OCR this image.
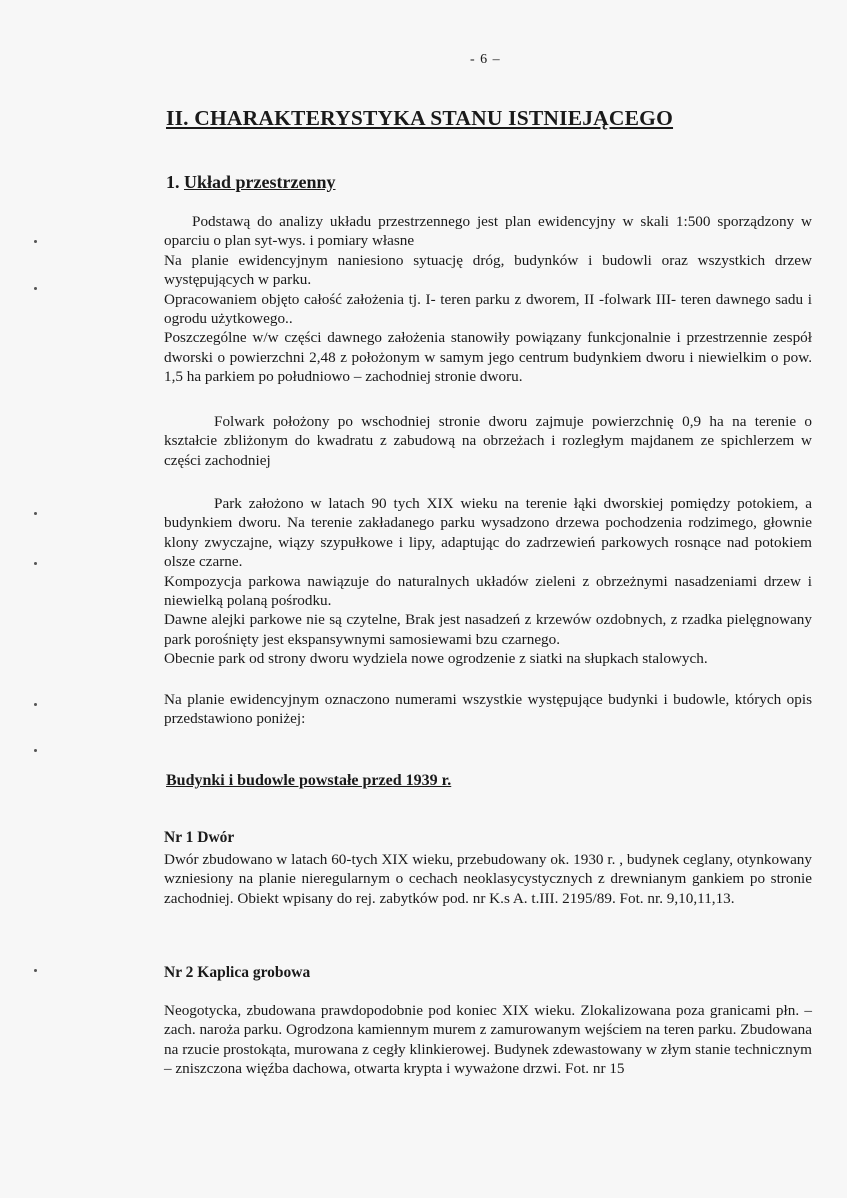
- 6 –
II. CHARAKTERYSTYKA STANU ISTNIEJĄCEGO
1. Układ przestrzenny

Podstawą do analizy układu przestrzennego jest plan ewidencyjny w skali 1:500 sporządzony w oparciu o plan syt-wys. i pomiary własne

Na planie ewidencyjnym naniesiono sytuację dróg, budynków i budowli oraz wszystkich drzew występujących w parku.

Opracowaniem objęto całość założenia tj. I- teren parku z dworem, II -folwark III- teren dawnego sadu i ogrodu użytkowego..

Poszczególne w/w części dawnego założenia stanowiły powiązany funkcjonalnie i przestrzennie zespół dworski o powierzchni 2,48 z położonym w samym jego centrum budynkiem dworu i niewielkim o pow. 1,5 ha parkiem po południowo – zachodniej stronie dworu.

Folwark położony po wschodniej stronie dworu zajmuje powierzchnię 0,9 ha na terenie o kształcie zbliżonym do kwadratu z zabudową na obrzeżach i rozległym majdanem ze spichlerzem w części zachodniej

Park założono w latach 90 tych XIX wieku na terenie łąki dworskiej pomiędzy potokiem, a budynkiem dworu. Na terenie zakładanego parku wysadzono drzewa pochodzenia rodzimego, głownie klony zwyczajne, wiązy szypułkowe i lipy, adaptując do zadrzewień parkowych rosnące nad potokiem olsze czarne.

Kompozycja parkowa nawiązuje do naturalnych układów zieleni z obrzeżnymi nasadzeniami drzew i niewielką polaną pośrodku.

Dawne alejki parkowe nie są czytelne, Brak jest nasadzeń z krzewów ozdobnych, z rzadka pielęgnowany park porośnięty jest ekspansywnymi samosiewami bzu czarnego.

Obecnie park od strony dworu wydziela nowe ogrodzenie z siatki na słupkach stalowych.

Na planie ewidencyjnym oznaczono numerami wszystkie występujące budynki i budowle, których opis przedstawiono poniżej:

Budynki i budowle powstałe przed 1939 r.
Nr 1 Dwór

Dwór zbudowano w latach 60-tych XIX wieku, przebudowany ok. 1930 r. , budynek ceglany, otynkowany wzniesiony na planie nieregularnym o cechach neoklasycystycznych z drewnianym gankiem po stronie zachodniej. Obiekt wpisany do rej. zabytków pod. nr K.s A. t.III. 2195/89. Fot. nr. 9,10,11,13.

Nr 2 Kaplica grobowa

Neogotycka, zbudowana prawdopodobnie pod koniec XIX wieku. Zlokalizowana poza granicami płn. – zach. naroża parku. Ogrodzona kamiennym murem z zamurowanym wejściem na teren parku. Zbudowana na rzucie prostokąta, murowana z cegły klinkierowej. Budynek zdewastowany w złym stanie technicznym – zniszczona więźba dachowa, otwarta krypta i wyważone drzwi. Fot. nr 15
